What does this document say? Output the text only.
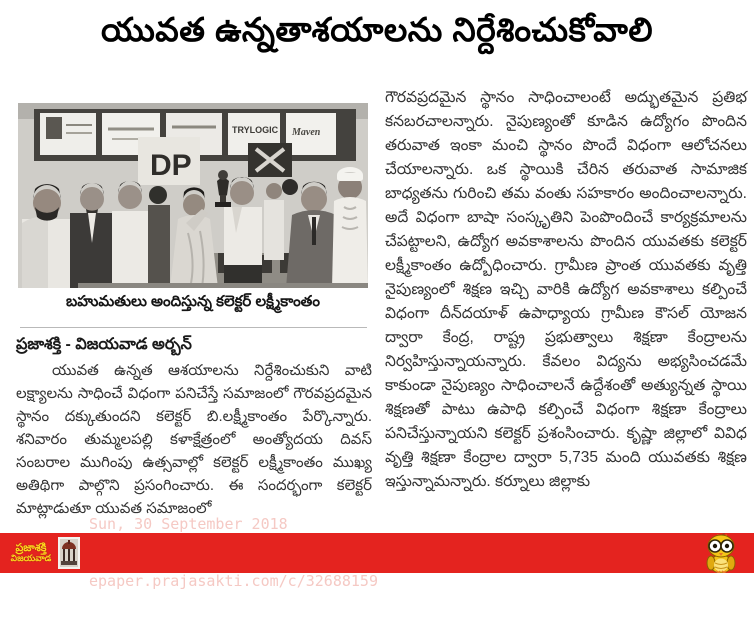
యువత ఉన్నతాశయాలను నిర్దేశించుకోవాలి
TRYLOGIC Maven
DP
బహుమతులు అందిస్తున్న కలెక్టర్ లక్ష్మీకాంతం
ప్రజాశక్తి - విజయవాడ అర్బన్

యువత ఉన్నత ఆశయాలను నిర్దేశించుకుని వాటి లక్ష్యాలను సాధించే విధంగా పనిచేస్తే సమాజంలో గౌరవప్రదమైన స్థానం దక్కుతుందని కలెక్టర్ బి.లక్ష్మీకాంతం పేర్కొన్నారు. శనివారం తుమ్మలపల్లి కళాక్షేత్రంలో అంత్యోదయ దివస్ సంబరాల ముగింపు ఉత్సవాల్లో కలెక్టర్ లక్ష్మీకాంతం ముఖ్య అతిథిగా పాల్గొని ప్రసంగించారు. ఈ సందర్భంగా కలెక్టర్ మాట్లాడుతూ యువత సమాజంలో

గౌరవప్రదమైన స్థానం సాధించాలంటే అద్భుతమైన ప్రతిభ కనబరచాలన్నారు. నైపుణ్యంతో కూడిన ఉద్యోగం పొందిన తరువాత ఇంకా మంచి స్థానం పొందే విధంగా ఆలోచనలు చేయాలన్నారు. ఒక స్థాయికి చేరిన తరువాత సామాజిక బాధ్యతను గురించి తమ వంతు సహకారం అందించాలన్నారు. అదే విధంగా బాషా సంస్కృతిని పెంపొందించే కార్యక్రమాలను చేపట్టాలని, ఉద్యోగ అవకాశాలను పొందిన యువతకు కలెక్టర్ లక్ష్మీకాంతం ఉద్బోధించారు. గ్రామీణ ప్రాంత యువతకు వృత్తి నైపుణ్యంలో శిక్షణ ఇచ్చి వారికి ఉద్యోగ అవకాశాలు కల్పించే విధంగా దీన్‌దయాళ్ ఉపాధ్యాయ గ్రామీణ కౌసల్ యోజన ద్వారా కేంద్ర, రాష్ట్ర ప్రభుత్వాలు శిక్షణా కేంద్రాలను నిర్వహిస్తున్నాయన్నారు. కేవలం విద్యను అభ్యసించడమే కాకుండా నైపుణ్యం సాధించాలనే ఉద్దేశంతో అత్యున్నత స్థాయి శిక్షణతో పాటు ఉపాధి కల్పించే విధంగా శిక్షణా కేంద్రాలు పనిచేస్తున్నాయని కలెక్టర్ ప్రశంసించారు. కృష్ణా జిల్లాలో వివిధ వృత్తి శిక్షణా కేంద్రాల ద్వారా 5,735 మంది యువతకు శిక్షణ ఇస్తున్నామన్నారు. కర్నూలు జిల్లాకు

ప్రజాశక్తి
విజయవాడ

Sun, 30 September 2018

epaper.prajasakti.com/c/32688159
